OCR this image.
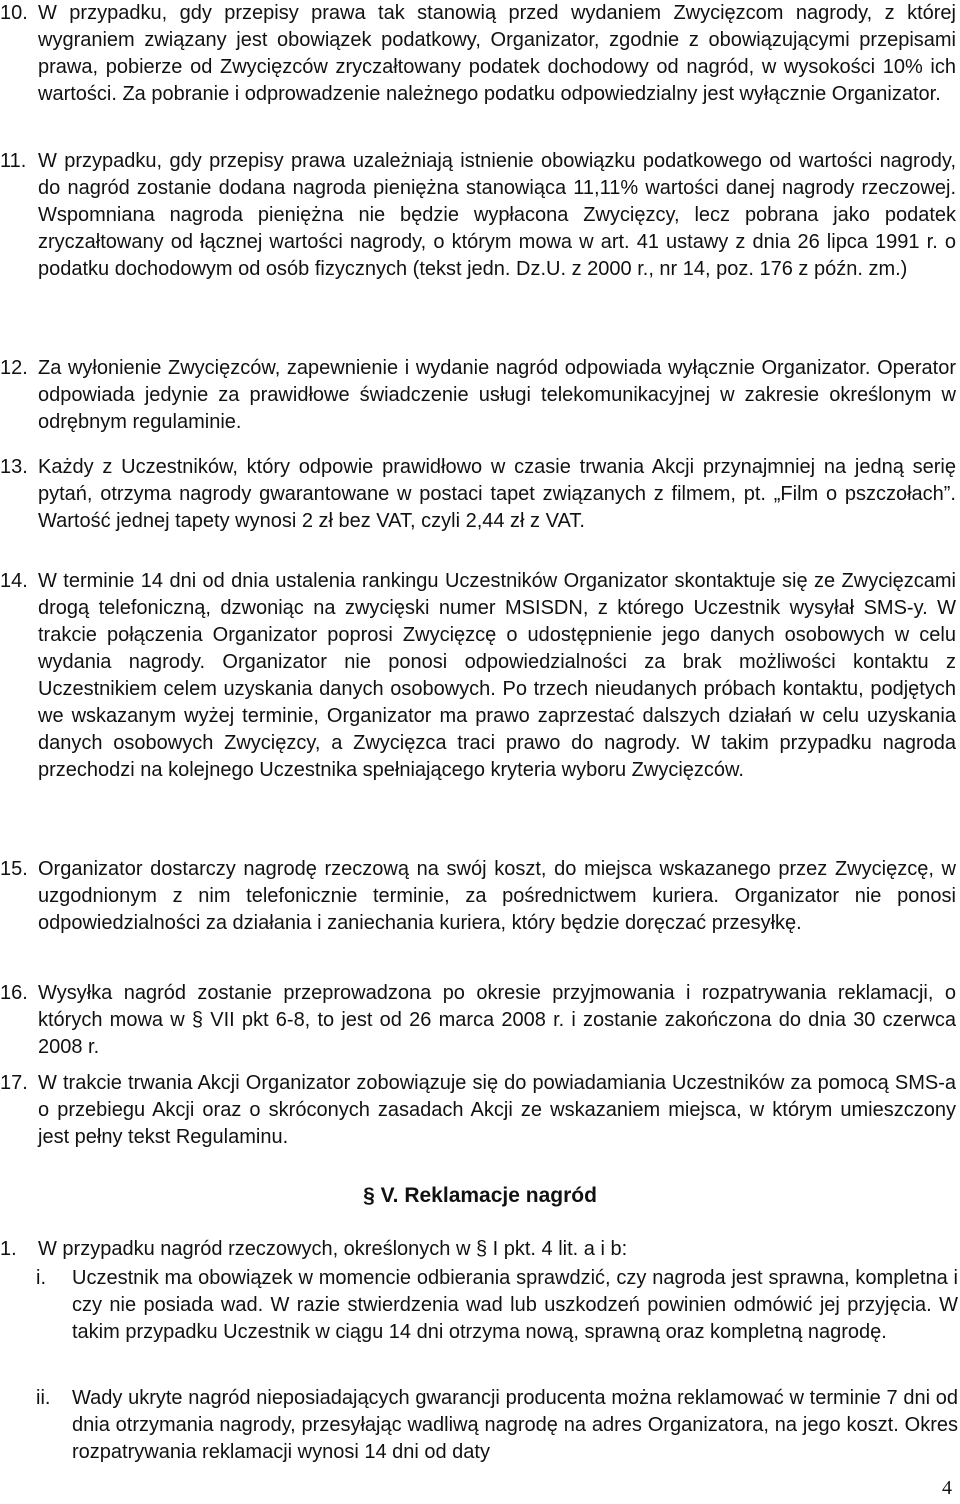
10. W przypadku, gdy przepisy prawa tak stanowią przed wydaniem Zwycięzcom nagrody, z której wygraniem związany jest obowiązek podatkowy, Organizator, zgodnie z obowiązującymi przepisami prawa, pobierze od Zwycięzców zryczałtowany podatek dochodowy od nagród, w wysokości 10% ich wartości. Za pobranie i odprowadzenie należnego podatku odpowiedzialny jest wyłącznie Organizator.
11. W przypadku, gdy przepisy prawa uzależniają istnienie obowiązku podatkowego od wartości nagrody, do nagród zostanie dodana nagroda pieniężna stanowiąca 11,11% wartości danej nagrody rzeczowej. Wspomniana nagroda pieniężna nie będzie wypłacona Zwycięzcy, lecz pobrana jako podatek zryczałtowany od łącznej wartości nagrody, o którym mowa w art. 41 ustawy z dnia 26 lipca 1991 r. o podatku dochodowym od osób fizycznych (tekst jedn. Dz.U. z 2000 r., nr 14, poz. 176 z późn. zm.)
12. Za wyłonienie Zwycięzców, zapewnienie i wydanie nagród odpowiada wyłącznie Organizator. Operator odpowiada jedynie za prawidłowe świadczenie usługi telekomunikacyjnej w zakresie określonym w odrębnym regulaminie.
13. Każdy z Uczestników, który odpowie prawidłowo w czasie trwania Akcji przynajmniej na jedną serię pytań, otrzyma nagrody gwarantowane w postaci tapet związanych z filmem, pt. „Film o pszczołach”. Wartość jednej tapety wynosi 2 zł bez VAT, czyli 2,44 zł z VAT.
14. W terminie 14 dni od dnia ustalenia rankingu Uczestników Organizator skontaktuje się ze Zwycięzcami drogą telefoniczną, dzwoniąc na zwycięski numer MSISDN, z którego Uczestnik wysyłał SMS-y. W trakcie połączenia Organizator poprosi Zwycięzcę o udostępnienie jego danych osobowych w celu wydania nagrody. Organizator nie ponosi odpowiedzialności za brak możliwości kontaktu z Uczestnikiem celem uzyskania danych osobowych. Po trzech nieudanych próbach kontaktu, podjętych we wskazanym wyżej terminie, Organizator ma prawo zaprzestać dalszych działań w celu uzyskania danych osobowych Zwycięzcy, a Zwycięzca traci prawo do nagrody. W takim przypadku nagroda przechodzi na kolejnego Uczestnika spełniającego kryteria wyboru Zwycięzców.
15. Organizator dostarczy nagrodę rzeczową na swój koszt, do miejsca wskazanego przez Zwycięzcę, w uzgodnionym z nim telefonicznie terminie, za pośrednictwem kuriera. Organizator nie ponosi odpowiedzialności za działania i zaniechania kuriera, który będzie doręczać przesyłkę.
16. Wysyłka nagród zostanie przeprowadzona po okresie przyjmowania i rozpatrywania reklamacji, o których mowa w § VII pkt 6-8, to jest od 26 marca 2008 r. i zostanie zakończona do dnia 30 czerwca 2008 r.
17. W trakcie trwania Akcji Organizator zobowiązuje się do powiadamiania Uczestników za pomocą SMS-a o przebiegu Akcji oraz o skróconych zasadach Akcji ze wskazaniem miejsca, w którym umieszczony jest pełny tekst Regulaminu.
§ V. Reklamacje nagród
1.	W przypadku nagród rzeczowych, określonych w § I pkt. 4 lit. a i b:
i.	Uczestnik ma obowiązek w momencie odbierania sprawdzić, czy nagroda jest sprawna, kompletna i czy nie posiada wad. W razie stwierdzenia wad lub uszkodzeń powinien odmówić jej przyjęcia. W takim przypadku Uczestnik w ciągu 14 dni otrzyma nową, sprawną oraz kompletną nagrodę.
ii.	Wady ukryte nagród nieposiadających gwarancji producenta można reklamować w terminie 7 dni od dnia otrzymania nagrody, przesyłając wadliwą nagrodę na adres Organizatora, na jego koszt. Okres rozpatrywania reklamacji wynosi 14 dni od daty
4
